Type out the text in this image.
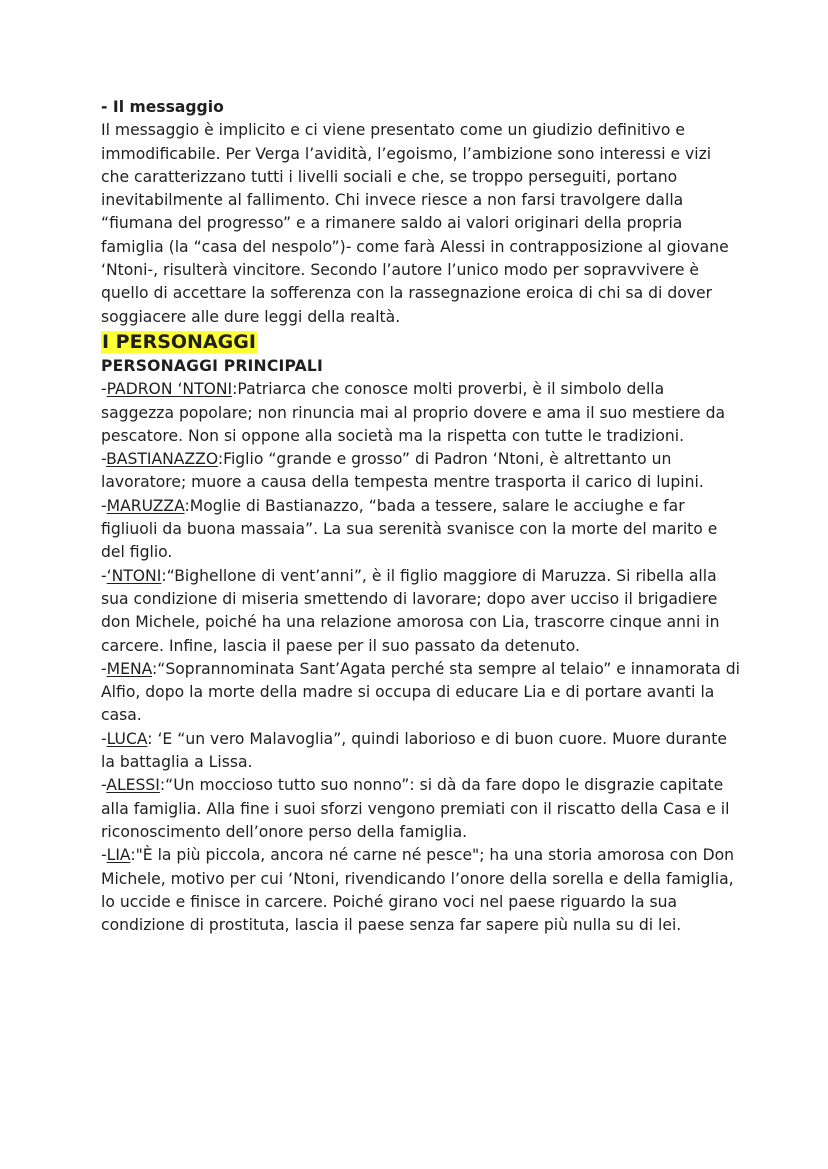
- Il messaggio

Il messaggio è implicito e ci viene presentato come un giudizio definitivo e immodificabile. Per Verga l’avidità, l’egoismo, l’ambizione sono interessi e vizi che caratterizzano tutti i livelli sociali e che, se troppo perseguiti, portano inevitabilmente al fallimento. Chi invece riesce a non farsi travolgere dalla “fiumana del progresso” e a rimanere saldo ai valori originari della propria famiglia (la “casa del nespolo”)- come farà Alessi in contrapposizione al giovane ‘Ntoni-, risulterà vincitore. Secondo l’autore l’unico modo per sopravvivere è quello di accettare la sofferenza con la rassegnazione eroica di chi sa di dover soggiacere alle dure leggi della realtà.

I PERSONAGGI
PERSONAGGI PRINCIPALI

-PADRON ‘NTONI:Patriarca che conosce molti proverbi, è il simbolo della saggezza popolare; non rinuncia mai al proprio dovere e ama il suo mestiere da pescatore. Non si oppone alla società ma la rispetta con tutte le tradizioni.

-BASTIANAZZO:Figlio “grande e grosso” di Padron ‘Ntoni, è altrettanto un lavoratore; muore a causa della tempesta mentre trasporta il carico di lupini.

-MARUZZA:Moglie di Bastianazzo, “bada a tessere, salare le acciughe e far figliuoli da buona massaia”. La sua serenità svanisce con la morte del marito e del figlio.

-‘NTONI:“Bighellone di vent’anni”, è il figlio maggiore di Maruzza. Si ribella alla sua condizione di miseria smettendo di lavorare; dopo aver ucciso il brigadiere don Michele, poiché ha una relazione amorosa con Lia, trascorre cinque anni in carcere. Infine, lascia il paese per il suo passato da detenuto.

-MENA:“Soprannominata Sant’Agata perché sta sempre al telaio” e innamorata di Alfio, dopo la morte della madre si occupa di educare Lia e di portare avanti la casa.

-LUCA: ‘E “un vero Malavoglia”, quindi laborioso e di buon cuore. Muore durante la battaglia a Lissa.

-ALESSI:“Un moccioso tutto suo nonno”: si dà da fare dopo le disgrazie capitate alla famiglia. Alla fine i suoi sforzi vengono premiati con il riscatto della Casa e il riconoscimento dell’onore perso della famiglia.

-LIA:"È la più piccola, ancora né carne né pesce"; ha una storia amorosa con Don Michele, motivo per cui ‘Ntoni, rivendicando l’onore della sorella e della famiglia, lo uccide e finisce in carcere. Poiché girano voci nel paese riguardo la sua condizione di prostituta, lascia il paese senza far sapere più nulla su di lei.
